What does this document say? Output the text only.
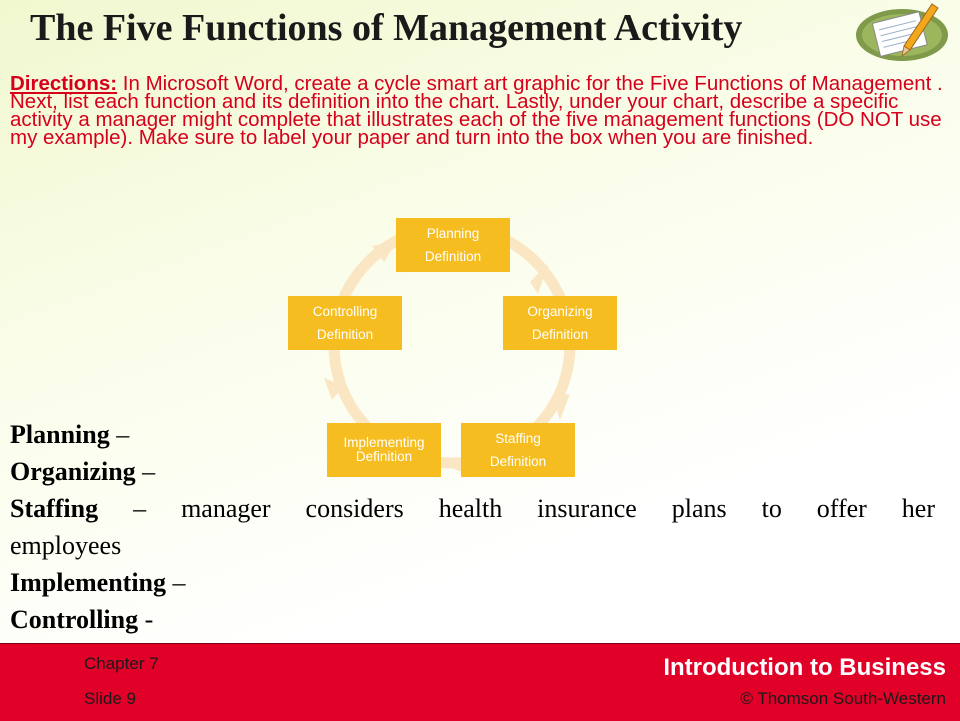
The Five Functions of Management Activity

Directions: In Microsoft Word, create a cycle smart art graphic for the Five Functions of Management . Next, list each function and its definition into the chart. Lastly, under your chart, describe a specific activity a manager might complete that illustrates each of the five management functions (DO NOT use my example). Make sure to label your paper and turn into the box when you are finished.

Planning
Definition
Organizing
Definition
Staffing
Definition
Implementing
Definition
Controlling
Definition

Planning –

Organizing –

Staffing – manager considers health insurance plans to offer her

employees

Implementing –

Controlling -

Chapter 7
Slide 9
Introduction to Business
© Thomson South-Western
